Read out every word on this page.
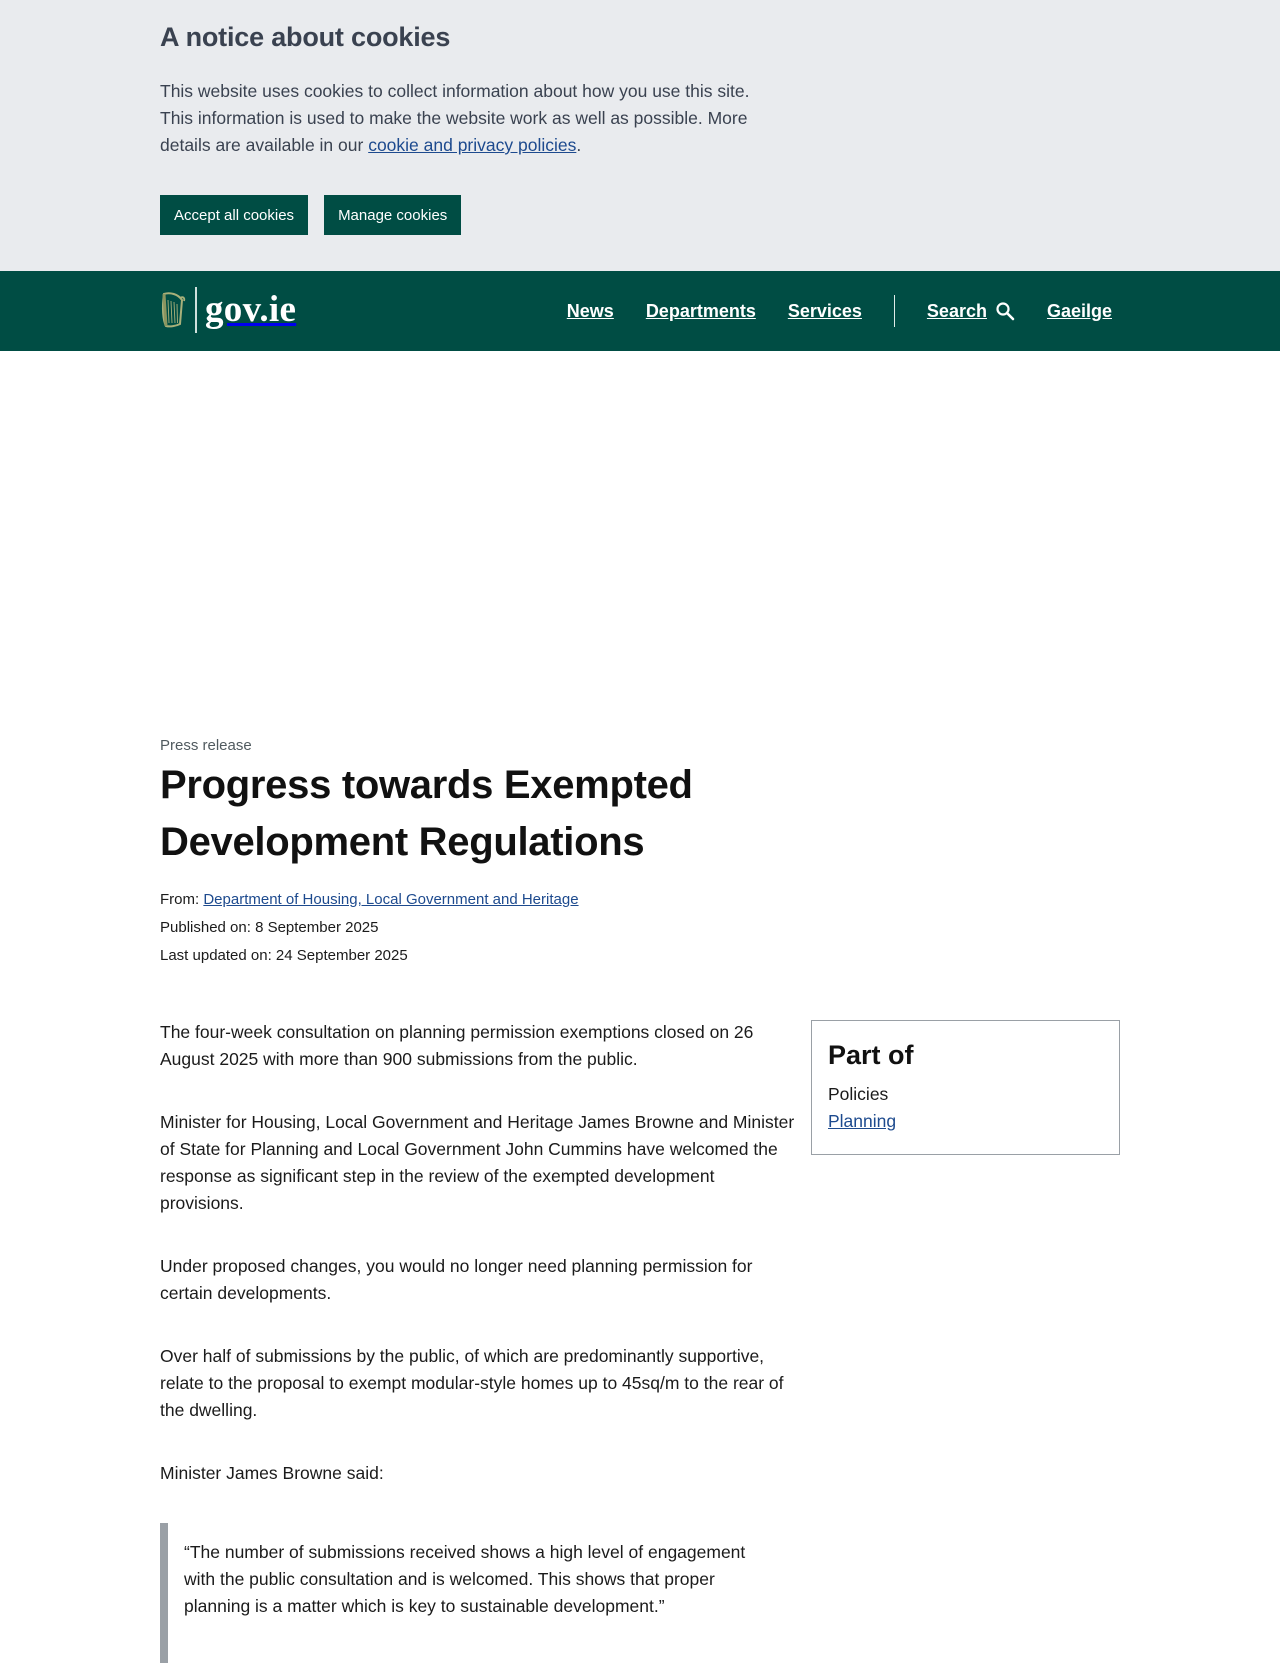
A notice about cookies

This website uses cookies to collect information about how you use this site. This information is used to make the website work as well as possible. More details are available in our cookie and privacy policies.

Accept all cookies	Manage cookies
gov.ie	News Departments Services	Search	Gaeilge
Press release
Progress towards Exempted Development Regulations
From: Department of Housing, Local Government and Heritage
Published on: 8 September 2025
Last updated on: 24 September 2025

The four-week consultation on planning permission exemptions closed on 26 August 2025 with more than 900 submissions from the public.

Minister for Housing, Local Government and Heritage James Browne and Minister of State for Planning and Local Government John Cummins have welcomed the response as significant step in the review of the exempted development provisions.

Under proposed changes, you would no longer need planning permission for certain developments.

Over half of submissions by the public, of which are predominantly supportive, relate to the proposal to exempt modular-style homes up to 45sq/m to the rear of the dwelling.

Minister James Browne said:

“The number of submissions received shows a high level of engagement with the public consultation and is welcomed. This shows that proper planning is a matter which is key to sustainable development.”
Part of
Policies
Planning
